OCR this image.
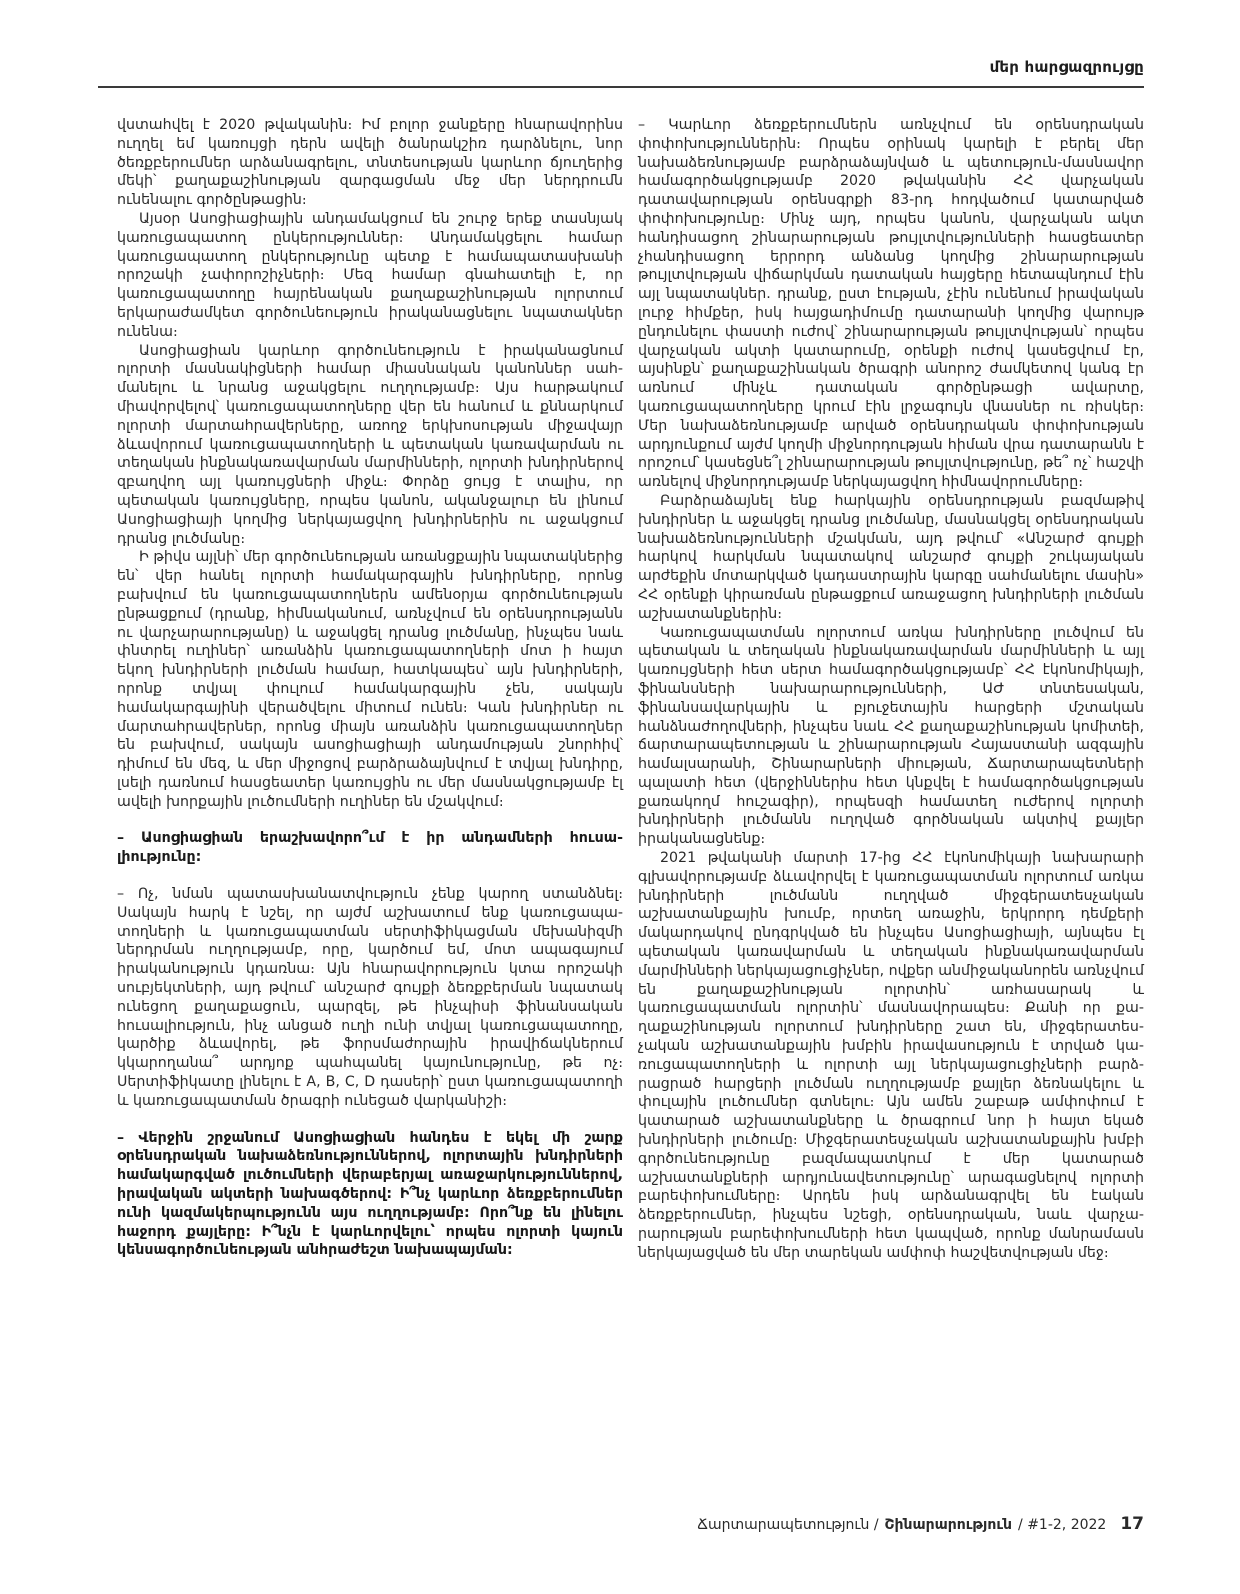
մեր հարցազրույցը

վստահվել է 2020 թվականին։ Իմ բոլոր ջանքերը հնարավորինս ուղղել եմ կառույցի դերն ավելի ծանրակշիռ դարձնելու, նոր ծեռքբերումներ արձանագրելու, տնտեսության կարևոր ճյուղերից մեկի՝ քաղաքաշինության զարգացման մեջ մեր ներդրումն ունենալու գործընթացին։

Այսօր Ասոցիացիային անդամակցում են շուրջ երեք տասնյակ կառուցապատող ընկերություններ։ Անդամակցելու համար կառուցապատող ընկերությունը պետք է համապատասխանի որոշակի չափորոշիչների։ Մեզ համար գնահատելի է, որ կառուցապատողը հայրենական քաղաքաշինության ոլորտում երկարաժամկետ գործունեություն իրականացնելու նպատակներ ունենա։

Ասոցիացիան կարևոր գործունեություն է իրականացնում ոլորտի մասնակիցների համար միասնական կանոններ սահմանելու և նրանց աջակցելու ուղղությամբ։ Այս հարթակում միավորվելով՝ կառուցապատողները վեր են հանում և քննարկում ոլորտի մարտահրավերները, առողջ երկխոսության միջավայր ձևավորում կառուցապատողների և պետական կառավարման ու տեղական ինքնակառավարման մարմինների, ոլորտի խնդիրներով զբաղվող այլ կառույցների միջև։ Փորձը ցույց է տալիս, որ պետական կառույցները, որպես կանոն, ականջալուր են լինում Ասոցիացիայի կողմից ներկայացվող խնդիրներին ու աջակցում դրանց լուծմանը։

Ի թիվս այլնի՝ մեր գործունեության առանցքային նպատակներից են՝ վեր հանել ոլորտի համակարգային խնդիրները, որոնց բախվում են կառուցապատողներն ամենօրյա գործունեության ընթացքում (դրանք, հիմնականում, առնչվում են օրենսդրությանն ու վարչարարությանը) և աջակցել դրանց լուծմանը, ինչպես նաև փնտրել ուղիներ՝ առանձին կառուցապատողների մոտ ի հայտ եկող խնդիրների լուծման համար, հատկապես՝ այն խնդիրների, որոնք տվյալ փուլում համակարգային չեն, սակայն համակարգայինի վերածվելու միտում ունեն։ Կան խնդիրներ ու մարտահրավերներ, որոնց միայն առանձին կառուցապատողներ են բախվում, սակայն ասոցիացիայի անդամության շնորհիվ՝ դիմում են մեզ, և մեր միջոցով բարձրաձայնվում է տվյալ խնդիրը, լսելի դառնում հասցեատեր կառույցին ու մեր մասնակցությամբ էլ ավելի խորքային լուծումների ուղիներ են մշակվում։

– Ասոցիացիան երաշխավորո՞ւմ է իր անդամների հուսալիությունը:

– Ոչ, նման պատասխանատվություն չենք կարող ստանձնել։ Սակայն հարկ է նշել, որ այժմ աշխատում ենք կառուցապատողների և կառուցապատման սերտիֆիկացման մեխանիզմի ներդրման ուղղությամբ, որը, կարծում եմ, մոտ ապագայում իրականություն կդառնա։ Այն հնարավորություն կտա որոշակի սուբյեկտների, այդ թվում՝ անշարժ գույքի ձեռքբերման նպատակ ունեցող քաղաքացուն, պարզել, թե ինչպիսի ֆինանսական հուսալիություն, ինչ անցած ուղի ունի տվյալ կառուցապատողը, կարծիք ձևավորել, թե ֆորսմաժորային իրավիճակներում կկարողանա՞ արդյոք պահպանել կայունությունը, թե ոչ։ Սերտիֆիկատը լինելու է A, B, C, D դասերի՝ ըստ կառուցապատողի և կառուցապատման ծրագրի ունեցած վարկանիշի։

– Վերջին շրջանում Ասոցիացիան հանդես է եկել մի շարք օրենսդրական նախաձեռնություններով, ոլորտային խնդիրների համակարգված լուծումների վերաբերյալ առաջարկություններով, իրավական ակտերի նախագծերով: Ի՞նչ կարևոր ձեռքբերումներ ունի կազմակերպությունն այս ուղղությամբ: Որո՞նք են լինելու հաջորդ քայլերը: Ի՞նչն է կարևորվելու՝ որպես ոլորտի կայուն կենսագործունեության անհրաժեշտ նախապայման:

– Կարևոր ձեռքբերումներն առնչվում են օրենսդրական փոփոխություններին։ Որպես օրինակ կարելի է բերել մեր նախաձեռնությամբ բարձրաձայնված և պետություն-մասնավոր համագործակցությամբ 2020 թվականին ՀՀ վարչական դատավարության օրենսգրքի 83-րդ հոդվածում կատարված փոփոխությունը։ Մինչ այդ, որպես կանոն, վարչական ակտ հանդիսացող շինարարության թույլտվությունների հասցեատեր չհանդիսացող երրորդ անձանց կողմից շինարարության թույլտվության վիճարկման դատական հայցերը հետապնդում էին այլ նպատակներ. դրանք, ըստ էության, չէին ունենում իրավական լուրջ հիմքեր, իսկ հայցադիմումը դատարանի կողմից վարույթ ընդունելու փաստի ուժով՝ շինարարության թույլտվության՝ որպես վարչական ակտի կատարումը, օրենքի ուժով կասեցվում էր, այսինքն՝ քաղաքաշինական ծրագրի անորոշ ժամկետով կանգ էր առնում մինչև դատական գործընթացի ավարտը, կառուցապատողները կրում էին լրջագույն վնասներ ու ռիսկեր։ Մեր նախաձեռնությամբ արված օրենսդրական փոփոխության արդյունքում այժմ կողմի միջնորդության հիման վրա դատարանն է որոշում՝ կասեցնե՞լ շինարարության թույլտվությունը, թե՞ ոչ՝ հաշվի առնելով միջնորդությամբ ներկայացվող հիմնավորումները։

Բարձրաձայնել ենք հարկային օրենսդրության բազմաթիվ խնդիրներ և աջակցել դրանց լուծմանը, մասնակցել օրենսդրական նախաձեռնությունների մշակման, այդ թվում՝ «Անշարժ գույքի հարկով հարկման նպատակով անշարժ գույքի շուկայական արժեքին մոտարկված կադաստրային կարգը սահմանելու մասին» ՀՀ օրենքի կիրառման ընթացքում առաջացող խնդիրների լուծման աշխատանքներին։

Կառուցապատման ոլորտում առկա խնդիրները լուծվում են պետական և տեղական ինքնակառավարման մարմինների և այլ կառույցների հետ սերտ համագործակցությամբ՝ ՀՀ էկոնոմիկայի, ֆինանսների նախարարությունների, ԱԺ տնտեսական, ֆինանսավարկային և բյուջետային հարցերի մշտական հանձնաժողովների, ինչպես նաև ՀՀ քաղաքաշինության կոմիտեի, ճարտարապետության և շինարարության Հայաստանի ազգային համալսարանի, Շինարարների միության, Ճարտարապետների պալատի հետ (վերջիններիս հետ կնքվել է համագործակցության քառակողմ հուշագիր), որպեսզի համատեղ ուժերով ոլորտի խնդիրների լուծմանն ուղղված գործնական ակտիվ քայլեր իրականացնենք։

2021 թվականի մարտի 17-ից ՀՀ էկոնոմիկայի նախարարի գլխավորությամբ ձևավորվել է կառուցապատման ոլորտում առկա խնդիրների լուծմանն ուղղված միջգերատեսչական աշխատանքային խումբ, որտեղ առաջին, երկրորդ դեմքերի մակարդակով ընդգրկված են ինչպես Ասոցիացիայի, այնպես էլ պետական կառավարման և տեղական ինքնակառավարման մարմինների ներկայացուցիչներ, ովքեր անմիջականորեն առնչվում են քաղաքաշինության ոլորտին՝ առհասարակ և կառուցապատման ոլորտին՝ մասնավորապես։ Քանի որ քաղաքաշինության ոլորտում խնդիրները շատ են, միջգերատեսչական աշխատանքային խմբին իրավասություն է տրված կառուցապատողների և ոլորտի այլ ներկայացուցիչների բարձրացրած հարցերի լուծման ուղղությամբ քայլեր ձեռնակելու և փուլային լուծումներ գտնելու։ Այն ամեն շաբաթ ամփոփում է կատարած աշխատանքները և ծրագրում նոր ի հայտ եկած խնդիրների լուծումը։ Միջգերատեսչական աշխատանքային խմբի գործունեությունը բազմապատկում է մեր կատարած աշխատանքների արդյունավետությունը՝ արագացնելով ոլորտի բարեփոխումները։ Արդեն իսկ արձանագրվել են էական ձեռքբերումներ, ինչպես նշեցի, օրենսդրական, նաև վարչարարության բարեփոխումների հետ կապված, որոնք մանրամասն ներկայացված են մեր տարեկան ամփոփ հաշվետվության մեջ։

Ճարտարապետություն / Շինարարություն / #1-2, 2022 17
